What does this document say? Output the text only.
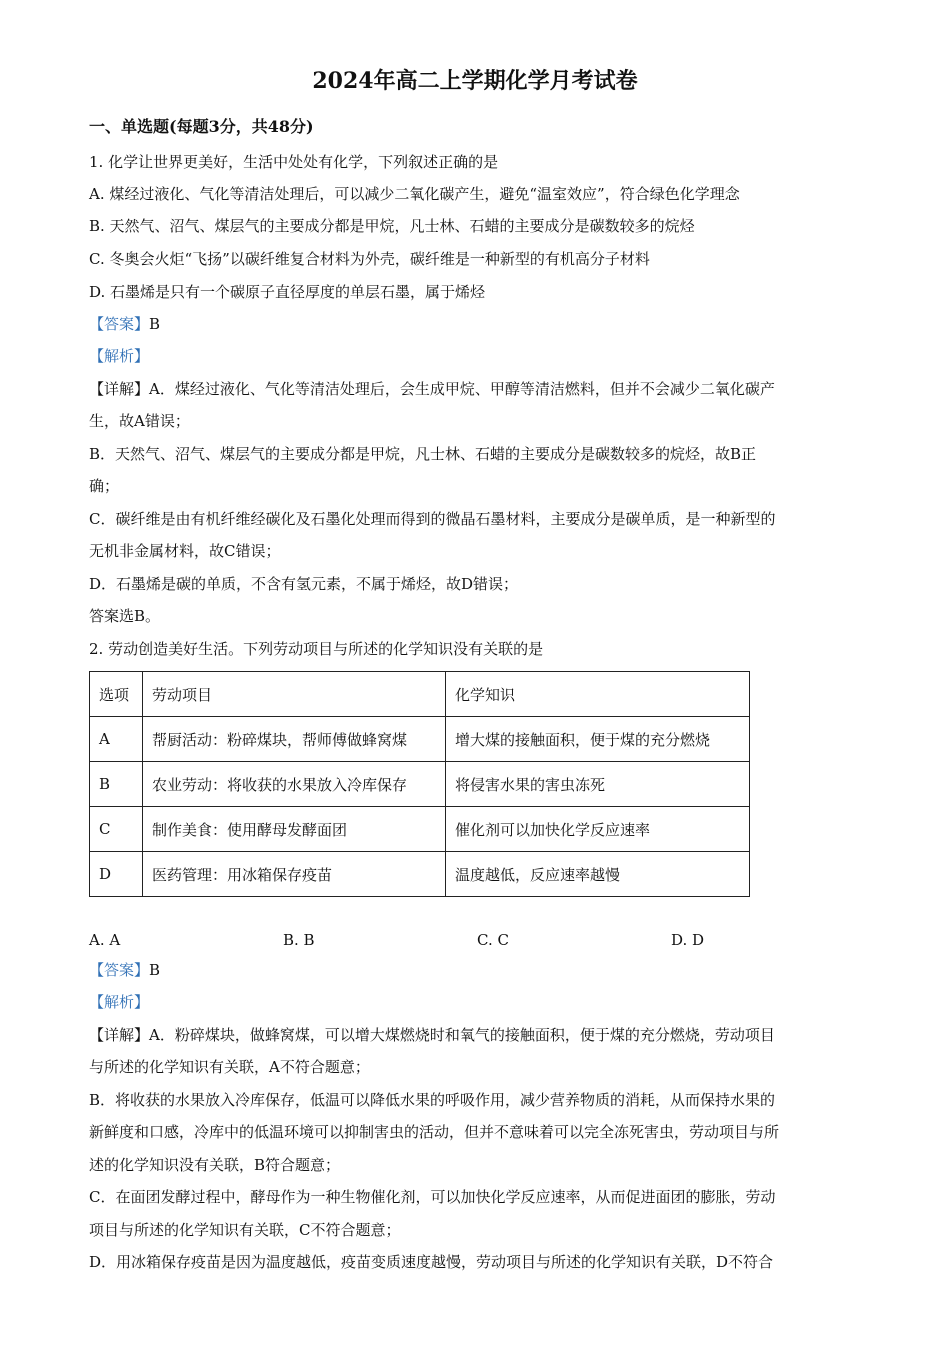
2024年高二上学期化学月考试卷
一、单选题(每题3分，共48分)
1. 化学让世界更美好，生活中处处有化学，下列叙述正确的是
A. 煤经过液化、气化等清洁处理后，可以减少二氧化碳产生，避免“温室效应”，符合绿色化学理念
B. 天然气、沼气、煤层气的主要成分都是甲烷，凡士林、石蜡的主要成分是碳数较多的烷烃
C. 冬奥会火炬“飞扬”以碳纤维复合材料为外壳，碳纤维是一种新型的有机高分子材料
D. 石墨烯是只有一个碳原子直径厚度的单层石墨，属于烯烃
【答案】B
【解析】
【详解】A．煤经过液化、气化等清洁处理后，会生成甲烷、甲醇等清洁燃料，但并不会减少二氧化碳产
生，故A错误；
B．天然气、沼气、煤层气的主要成分都是甲烷，凡士林、石蜡的主要成分是碳数较多的烷烃，故B正
确；
C．碳纤维是由有机纤维经碳化及石墨化处理而得到的微晶石墨材料，主要成分是碳单质，是一种新型的
无机非金属材料，故C错误；
D．石墨烯是碳的单质，不含有氢元素，不属于烯烃，故D错误；
答案选B。
2. 劳动创造美好生活。下列劳动项目与所述的化学知识没有关联的是
选项	劳动项目	化学知识
A	帮厨活动：粉碎煤块，帮师傅做蜂窝煤	增大煤的接触面积，便于煤的充分燃烧
B	农业劳动：将收获的水果放入冷库保存	将侵害水果的害虫冻死
C	制作美食：使用酵母发酵面团	催化剂可以加快化学反应速率
D	医药管理：用冰箱保存疫苗	温度越低，反应速率越慢
A. A	B. B	C. C	D. D
【答案】B
【解析】
【详解】A．粉碎煤块，做蜂窝煤，可以增大煤燃烧时和氧气的接触面积，便于煤的充分燃烧，劳动项目
与所述的化学知识有关联，A不符合题意；
B．将收获的水果放入冷库保存，低温可以降低水果的呼吸作用，减少营养物质的消耗，从而保持水果的
新鲜度和口感，冷库中的低温环境可以抑制害虫的活动，但并不意味着可以完全冻死害虫，劳动项目与所
述的化学知识没有关联，B符合题意；
C．在面团发酵过程中，酵母作为一种生物催化剂，可以加快化学反应速率，从而促进面团的膨胀，劳动
项目与所述的化学知识有关联，C不符合题意；
D．用冰箱保存疫苗是因为温度越低，疫苗变质速度越慢，劳动项目与所述的化学知识有关联，D不符合
